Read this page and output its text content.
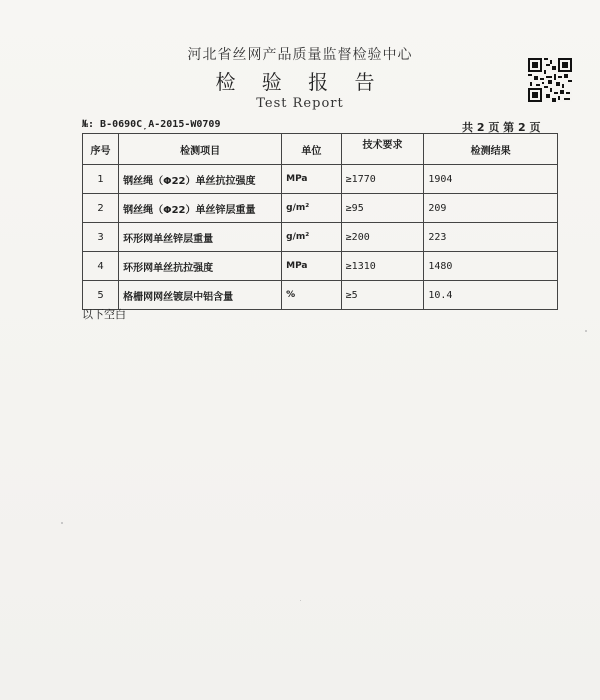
河北省丝网产品质量监督检验中心
检 验 报 告
Test Report
№: B-0690C̦A-2015-W0709	共 2 页 第 2 页
序号	检测项目	单位	技术要求	检测结果
1	钢丝绳（Φ22）单丝抗拉强度	MPa	≥1770	1904
2	钢丝绳（Φ22）单丝锌层重量	g/m²	≥95	209
3	环形网单丝锌层重量	g/m²	≥200	223
4	环形网单丝抗拉强度	MPa	≥1310	1480
5	格栅网网丝镀层中铝含量	%	≥5	10.4
以下空白
